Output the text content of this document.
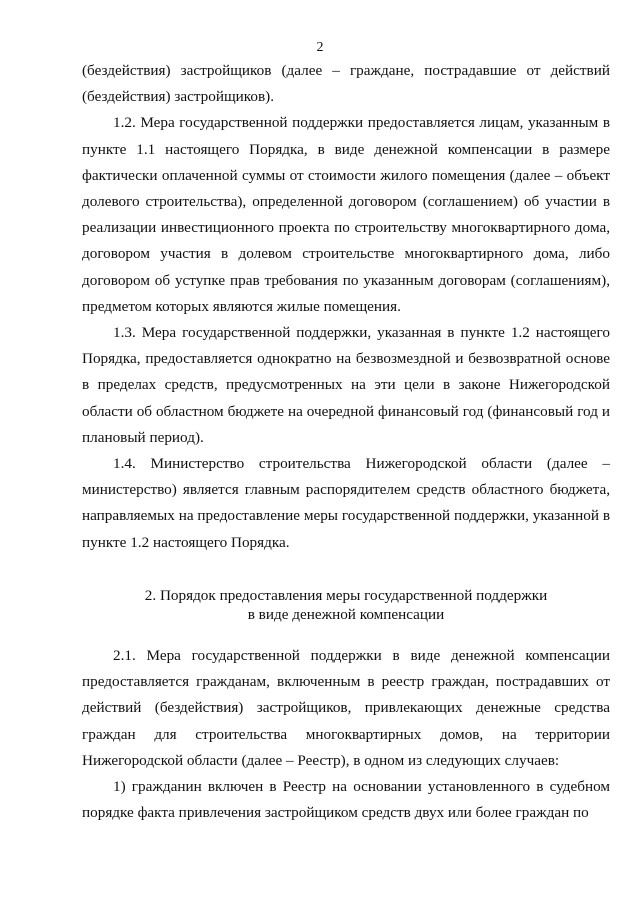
2

(бездействия) застройщиков (далее – граждане, пострадавшие от действий (бездействия) застройщиков).

1.2. Мера государственной поддержки предоставляется лицам, указанным в пункте 1.1 настоящего Порядка, в виде денежной компенсации в размере фактически оплаченной суммы от стоимости жилого помещения (далее – объект долевого строительства), определенной договором (соглашением) об участии в реализации инвестиционного проекта по строительству многоквартирного дома, договором участия в долевом строительстве многоквартирного дома, либо договором об уступке прав требования по указанным договорам (соглашениям), предметом которых являются жилые помещения.

1.3. Мера государственной поддержки, указанная в пункте 1.2 настоящего Порядка, предоставляется однократно на безвозмездной и безвозвратной основе в пределах средств, предусмотренных на эти цели в законе Нижегородской области об областном бюджете на очередной финансовый год (финансовый год и плановый период).

1.4. Министерство строительства Нижегородской области (далее – министерство) является главным распорядителем средств областного бюджета, направляемых на предоставление меры государственной поддержки, указанной в пункте 1.2 настоящего Порядка.

2. Порядок предоставления меры государственной поддержки
в виде денежной компенсации

2.1. Мера государственной поддержки в виде денежной компенсации предоставляется гражданам, включенным в реестр граждан, пострадавших от действий (бездействия) застройщиков, привлекающих денежные средства граждан для строительства многоквартирных домов, на территории Нижегородской области (далее – Реестр), в одном из следующих случаев:

1) гражданин включен в Реестр на основании установленного в судебном порядке факта привлечения застройщиком средств двух или более граждан по
